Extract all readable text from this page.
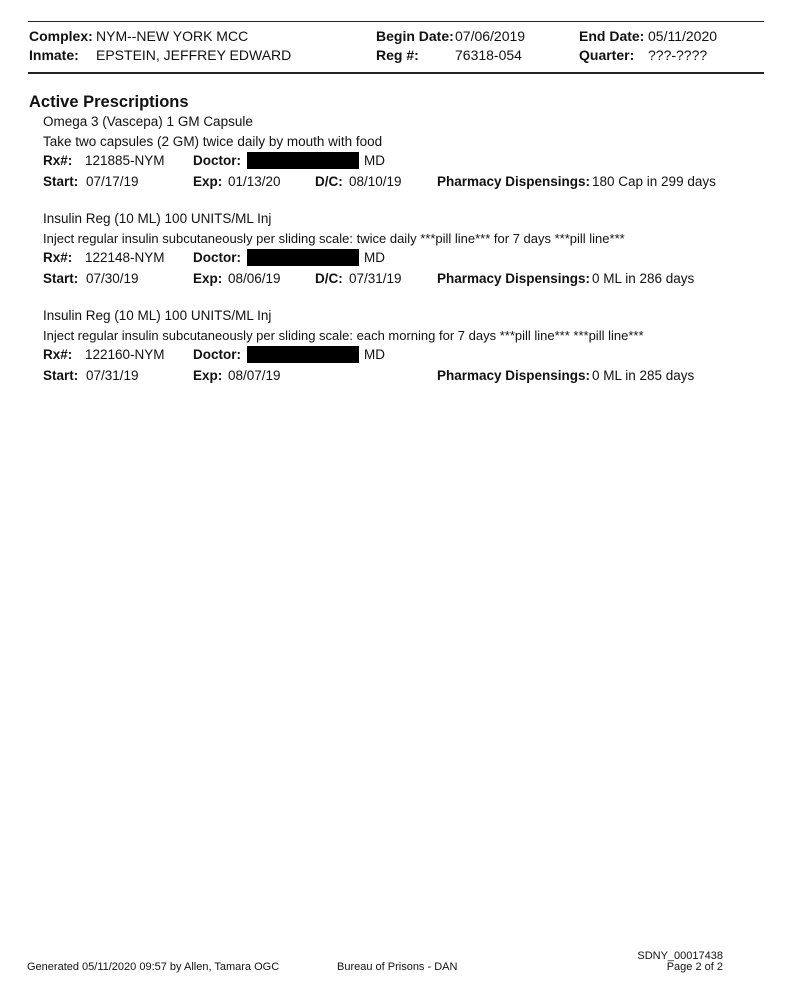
Complex: NYM--NEW YORK MCC
Inmate: EPSTEIN, JEFFREY EDWARD
Begin Date: 07/06/2019
Reg #:	76318-054
End Date: 05/11/2020
Quarter: ???-????
Active Prescriptions
Omega 3 (Vascepa) 1 GM Capsule
Take two capsules (2 GM) twice daily by mouth with food
Rx#: 121885-NYM Doctor:	MD
Start: 07/17/19	Exp: 01/13/20	D/C: 08/10/19	Pharmacy Dispensings: 180 Cap in 299 days
Insulin Reg (10 ML) 100 UNITS/ML Inj
Inject regular insulin subcutaneously per sliding scale: twice daily ***pill line*** for 7 days ***pill line***
Rx#: 122148-NYM Doctor:	MD
Start: 07/30/19	Exp: 08/06/19	D/C: 07/31/19	Pharmacy Dispensings: 0 ML in 286 days
Insulin Reg (10 ML) 100 UNITS/ML Inj
Inject regular insulin subcutaneously per sliding scale: each morning for 7 days ***pill line*** ***pill line***
Rx#: 122160-NYM Doctor:	MD
Start: 07/31/19	Exp: 08/07/19	Pharmacy Dispensings: 0 ML in 285 days
Generated 05/11/2020 09:57 by Allen, Tamara OGC	Bureau of Prisons - DAN
SDNY_00017438
Page 2 of 2
